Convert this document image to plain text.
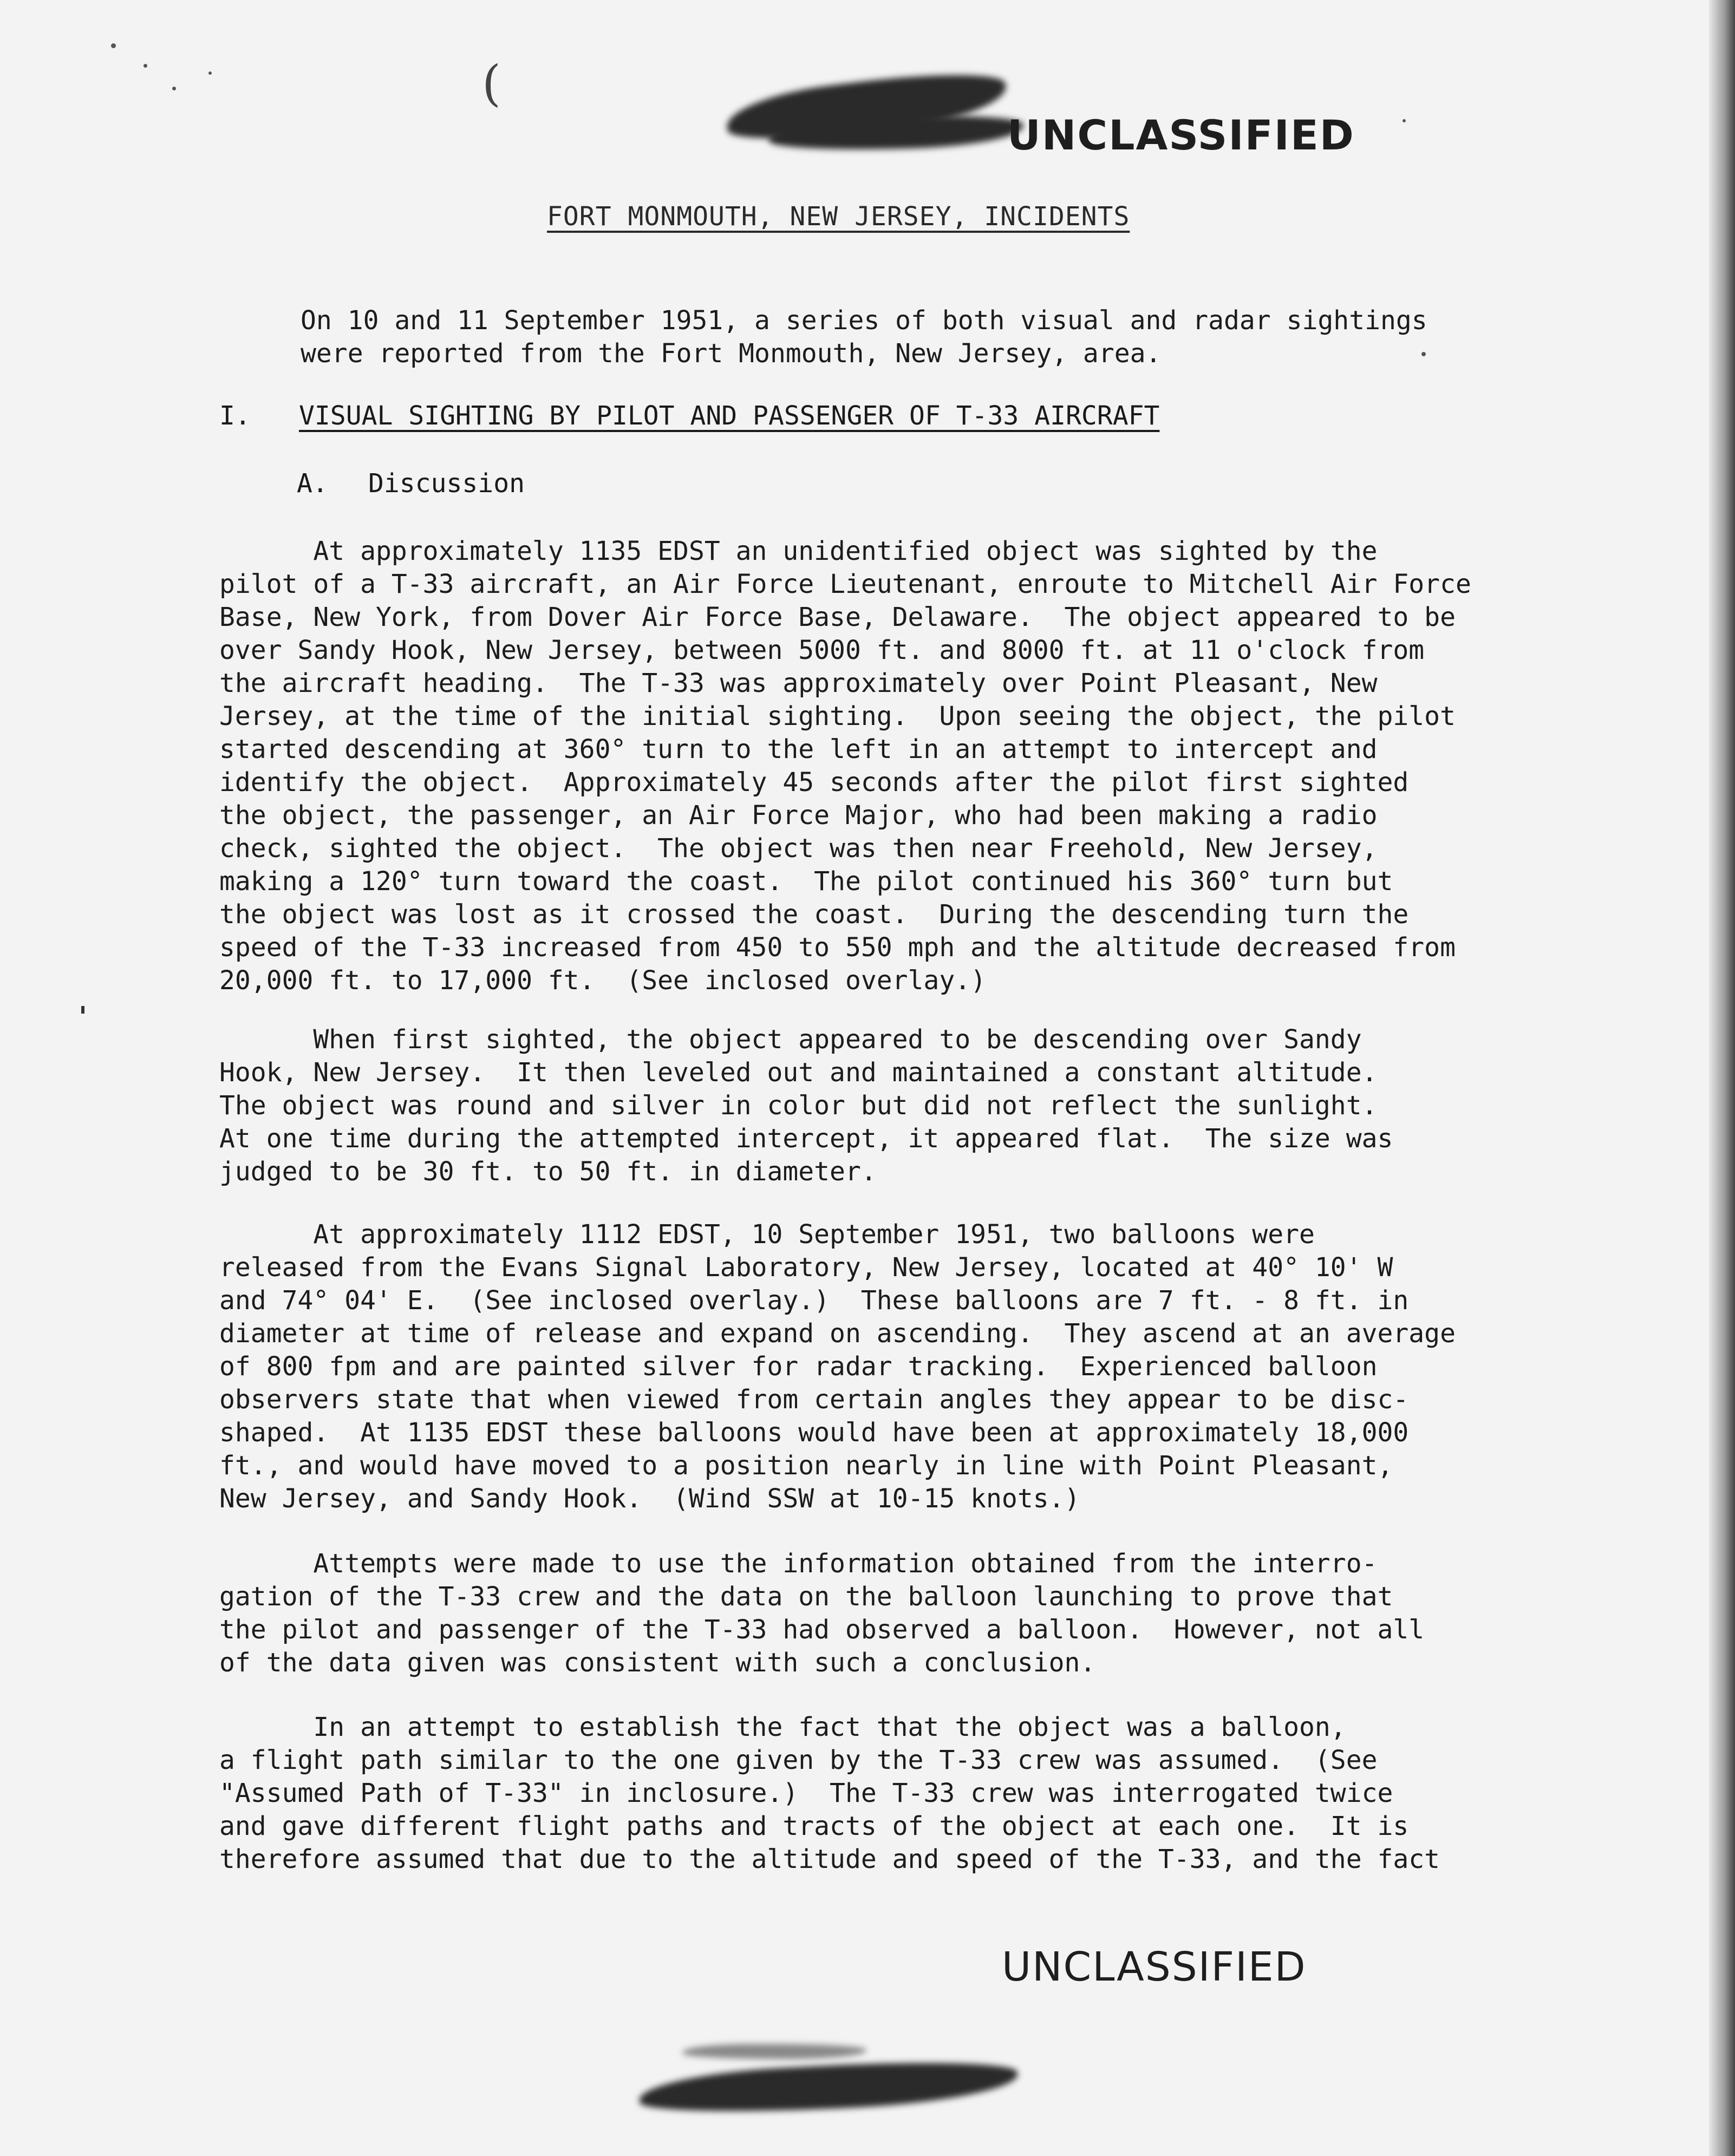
(
UNCLASSIFIED
FORT MONMOUTH, NEW JERSEY, INCIDENTS
On 10 and 11 September 1951, a series of both visual and radar sightings
were reported from the Fort Monmouth, New Jersey, area.
I. VISUAL SIGHTING BY PILOT AND PASSENGER OF T-33 AIRCRAFT
A. Discussion
At approximately 1135 EDST an unidentified object was sighted by the
pilot of a T-33 aircraft, an Air Force Lieutenant, enroute to Mitchell Air Force
Base, New York, from Dover Air Force Base, Delaware.  The object appeared to be
over Sandy Hook, New Jersey, between 5000 ft. and 8000 ft. at 11 o'clock from
the aircraft heading.  The T-33 was approximately over Point Pleasant, New
Jersey, at the time of the initial sighting.  Upon seeing the object, the pilot
started descending at 360° turn to the left in an attempt to intercept and
identify the object.  Approximately 45 seconds after the pilot first sighted
the object, the passenger, an Air Force Major, who had been making a radio
check, sighted the object.  The object was then near Freehold, New Jersey,
making a 120° turn toward the coast.  The pilot continued his 360° turn but
the object was lost as it crossed the coast.  During the descending turn the
speed of the T-33 increased from 450 to 550 mph and the altitude decreased from
20,000 ft. to 17,000 ft.  (See inclosed overlay.)
When first sighted, the object appeared to be descending over Sandy
Hook, New Jersey.  It then leveled out and maintained a constant altitude.
The object was round and silver in color but did not reflect the sunlight.
At one time during the attempted intercept, it appeared flat.  The size was
judged to be 30 ft. to 50 ft. in diameter.
At approximately 1112 EDST, 10 September 1951, two balloons were
released from the Evans Signal Laboratory, New Jersey, located at 40° 10' W
and 74° 04' E.  (See inclosed overlay.)  These balloons are 7 ft. - 8 ft. in
diameter at time of release and expand on ascending.  They ascend at an average
of 800 fpm and are painted silver for radar tracking.  Experienced balloon
observers state that when viewed from certain angles they appear to be disc-
shaped.  At 1135 EDST these balloons would have been at approximately 18,000
ft., and would have moved to a position nearly in line with Point Pleasant,
New Jersey, and Sandy Hook.  (Wind SSW at 10-15 knots.)
Attempts were made to use the information obtained from the interro-
gation of the T-33 crew and the data on the balloon launching to prove that
the pilot and passenger of the T-33 had observed a balloon.  However, not all
of the data given was consistent with such a conclusion.
In an attempt to establish the fact that the object was a balloon,
a flight path similar to the one given by the T-33 crew was assumed.  (See
"Assumed Path of T-33" in inclosure.)  The T-33 crew was interrogated twice
and gave different flight paths and tracts of the object at each one.  It is
therefore assumed that due to the altitude and speed of the T-33, and the fact
UNCLASSIFIED
